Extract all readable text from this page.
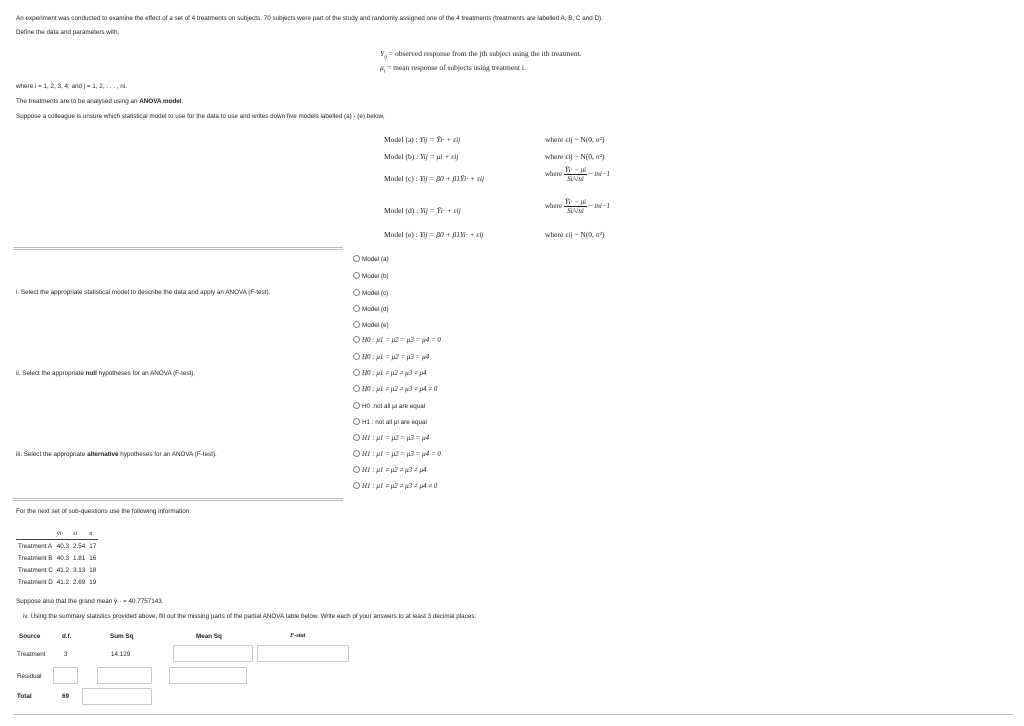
An experiment was conducted to examine the effect of a set of 4 treatments on subjects. 70 subjects were part of the study and randomly assigned one of the 4 treatments (treatments are labelled A, B, C and D).
Define the data and parameters with,
$Y_{ij}$ = observed response from the jth subject using the ith treatment.
$\mu_i$ = mean response of subjects using treatment i.
where i = 1, 2, 3, 4; and j = 1, 2, . . . , ni.
The treatments are to be analysed using an ANOVA model.
Suppose a colleague is unsure which statistical model to use for the data to use and writes down five models labelled (a) - (e) below,
Model (a) : Yij = Ȳi· + εij	where εij ~ N(0, σ²)
Model (b) : Yij = μi + εij	where εij ~ N(0, σ²)
Model (c) : Yij = β0 + β1Ȳi· + εij	where $\frac{Ȳi\cdot - \mu i}{Si/√ni}$ ~ tni−1
Model (d) : Yij = Ȳi· + εij	where $\frac{Ȳi\cdot - \mu i}{Si/√ni}$ ~ tni−1
Model (e) : Yij = β0 + β1Yi· + εij	where εij ~ N(0, σ²)
i. Select the appropriate statistical model to describe the data and apply an ANOVA (F-test).
Model (a)
Model (b)
Model (c)
Model (d)
Model (e)
ii. Select the appropriate null hypotheses for an ANOVA (F-test).
H0 : μ1 = μ2 = μ3 = μ4 = 0
H0 : μ1 = μ2 = μ3 = μ4
H0 : μ1 ≠ μ2 ≠ μ3 ≠ μ4
H0 : μ1 ≠ μ2 ≠ μ3 ≠ μ4 ≠ 0
H0 :not all μi are equal
iii. Select the appropriate alternative hypotheses for an ANOVA (F-test).
H1 : not all μi are equal
H1 : μ1 = μ2 = μ3 = μ4
H1 : μ1 = μ2 = μ3 = μ4 = 0
H1 : μ1 ≠ μ2 ≠ μ3 ≠ μ4
H1 : μ1 ≠ μ2 ≠ μ3 ≠ μ4 ≠ 0
For the next set of sub-questions use the following information:
	ȳi·	si	n
Treatment A	40.3	2.54	17
Treatment B	40.3	1.81	16
Treatment C	41.2	3.13	18
Treatment D	41.2	2.69	19
Suppose also that the grand mean ȳ·· = 40.7757143.
iv. Using the summary statistics provided above, fill out the missing parts of the partial ANOVA table below. Write each of your answers to at least 3 decimal places:
Source	d.f.	Sum Sq	Mean Sq	F-stat
Treatment	3	14.129
Residual
Total	69
